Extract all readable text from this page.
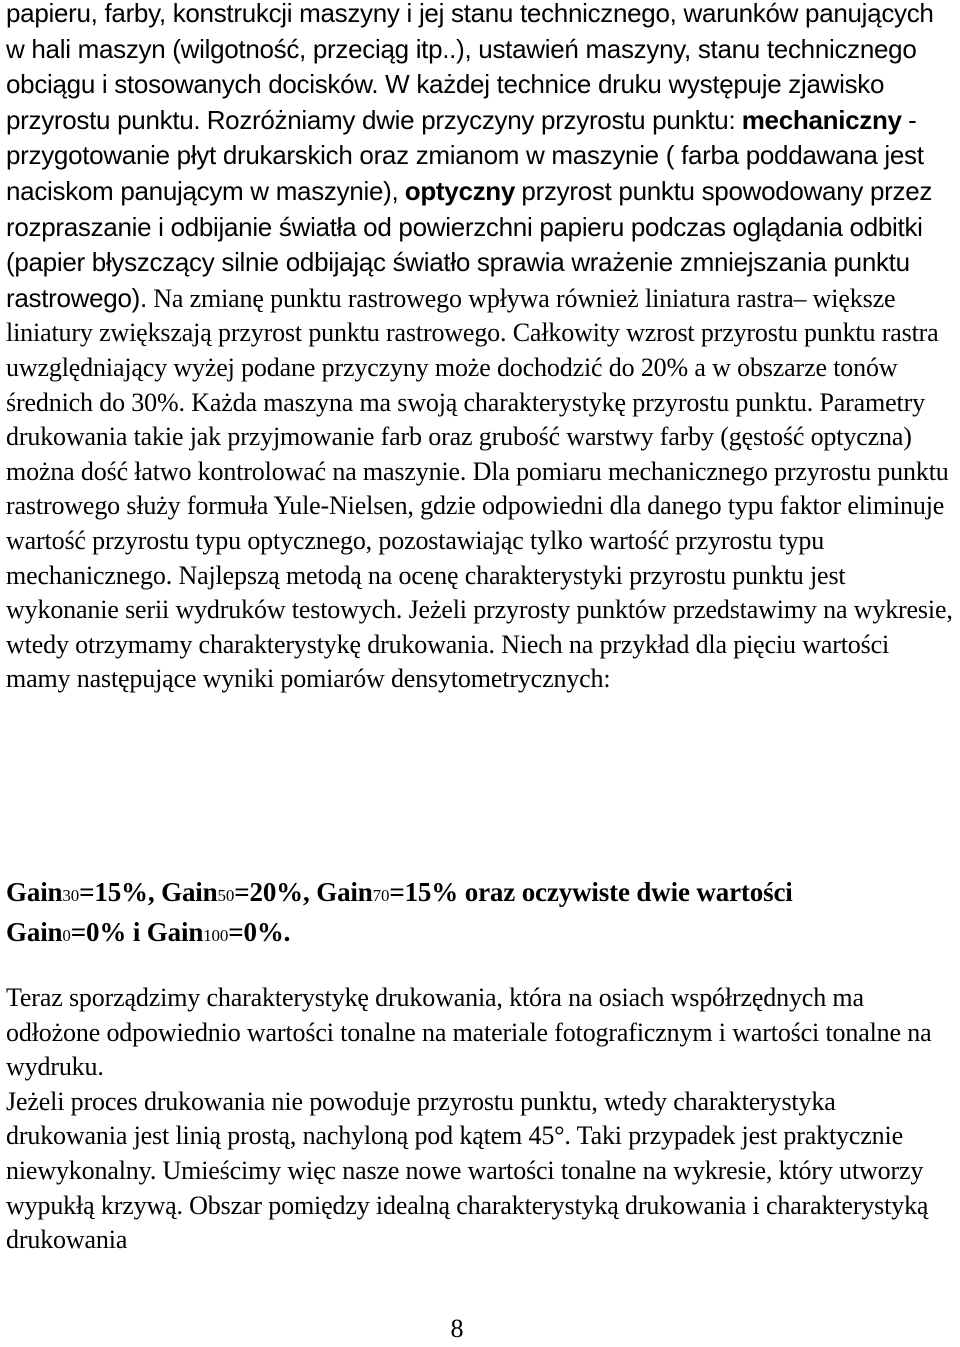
papieru, farby, konstrukcji maszyny i jej stanu technicznego, warunków panujących w hali maszyn (wilgotność, przeciąg itp..), ustawień maszyny, stanu technicznego obciągu i stosowanych docisków. W każdej technice druku występuje zjawisko przyrostu punktu. Rozróżniamy dwie przyczyny przyrostu punktu: mechaniczny - przygotowanie płyt drukarskich oraz zmianom w maszynie ( farba poddawana jest naciskom panującym w maszynie), optyczny przyrost punktu spowodowany przez rozpraszanie i odbijanie światła od powierzchni papieru podczas oglądania odbitki (papier błyszczący silnie odbijając światło sprawia wrażenie zmniejszania punktu rastrowego). Na zmianę punktu rastrowego wpływa również liniatura rastra– większe liniatury zwiększają przyrost punktu rastrowego. Całkowity wzrost przyrostu punktu rastra uwzględniający wyżej podane przyczyny może dochodzić do 20% a w obszarze tonów średnich do 30%. Każda maszyna ma swoją charakterystykę przyrostu punktu. Parametry drukowania takie jak przyjmowanie farb oraz grubość warstwy farby (gęstość optyczna) można dość łatwo kontrolować na maszynie. Dla pomiaru mechanicznego przyrostu punktu rastrowego służy formuła Yule-Nielsen, gdzie odpowiedni dla danego typu faktor eliminuje wartość przyrostu typu optycznego, pozostawiając tylko wartość przyrostu typu mechanicznego. Najlepszą metodą na ocenę charakterystyki przyrostu punktu jest wykonanie serii wydruków testowych. Jeżeli przyrosty punktów przedstawimy na wykresie, wtedy otrzymamy charakterystykę drukowania. Niech na przykład dla pięciu wartości mamy następujące wyniki pomiarów densytometrycznych:

Gain30=15%, Gain50=20%, Gain70=15% oraz oczywiste dwie wartości
Gain0=0% i Gain100=0%.

Teraz sporządzimy charakterystykę drukowania, która na osiach współrzędnych ma odłożone odpowiednio wartości tonalne na materiale fotograficznym i wartości tonalne na wydruku.
Jeżeli proces drukowania nie powoduje przyrostu punktu, wtedy charakterystyka drukowania jest linią prostą, nachyloną pod kątem 45°. Taki przypadek jest praktycznie niewykonalny. Umieścimy więc nasze nowe wartości tonalne na wykresie, który utworzy wypukłą krzywą. Obszar pomiędzy idealną charakterystyką drukowania i charakterystyką drukowania

8
